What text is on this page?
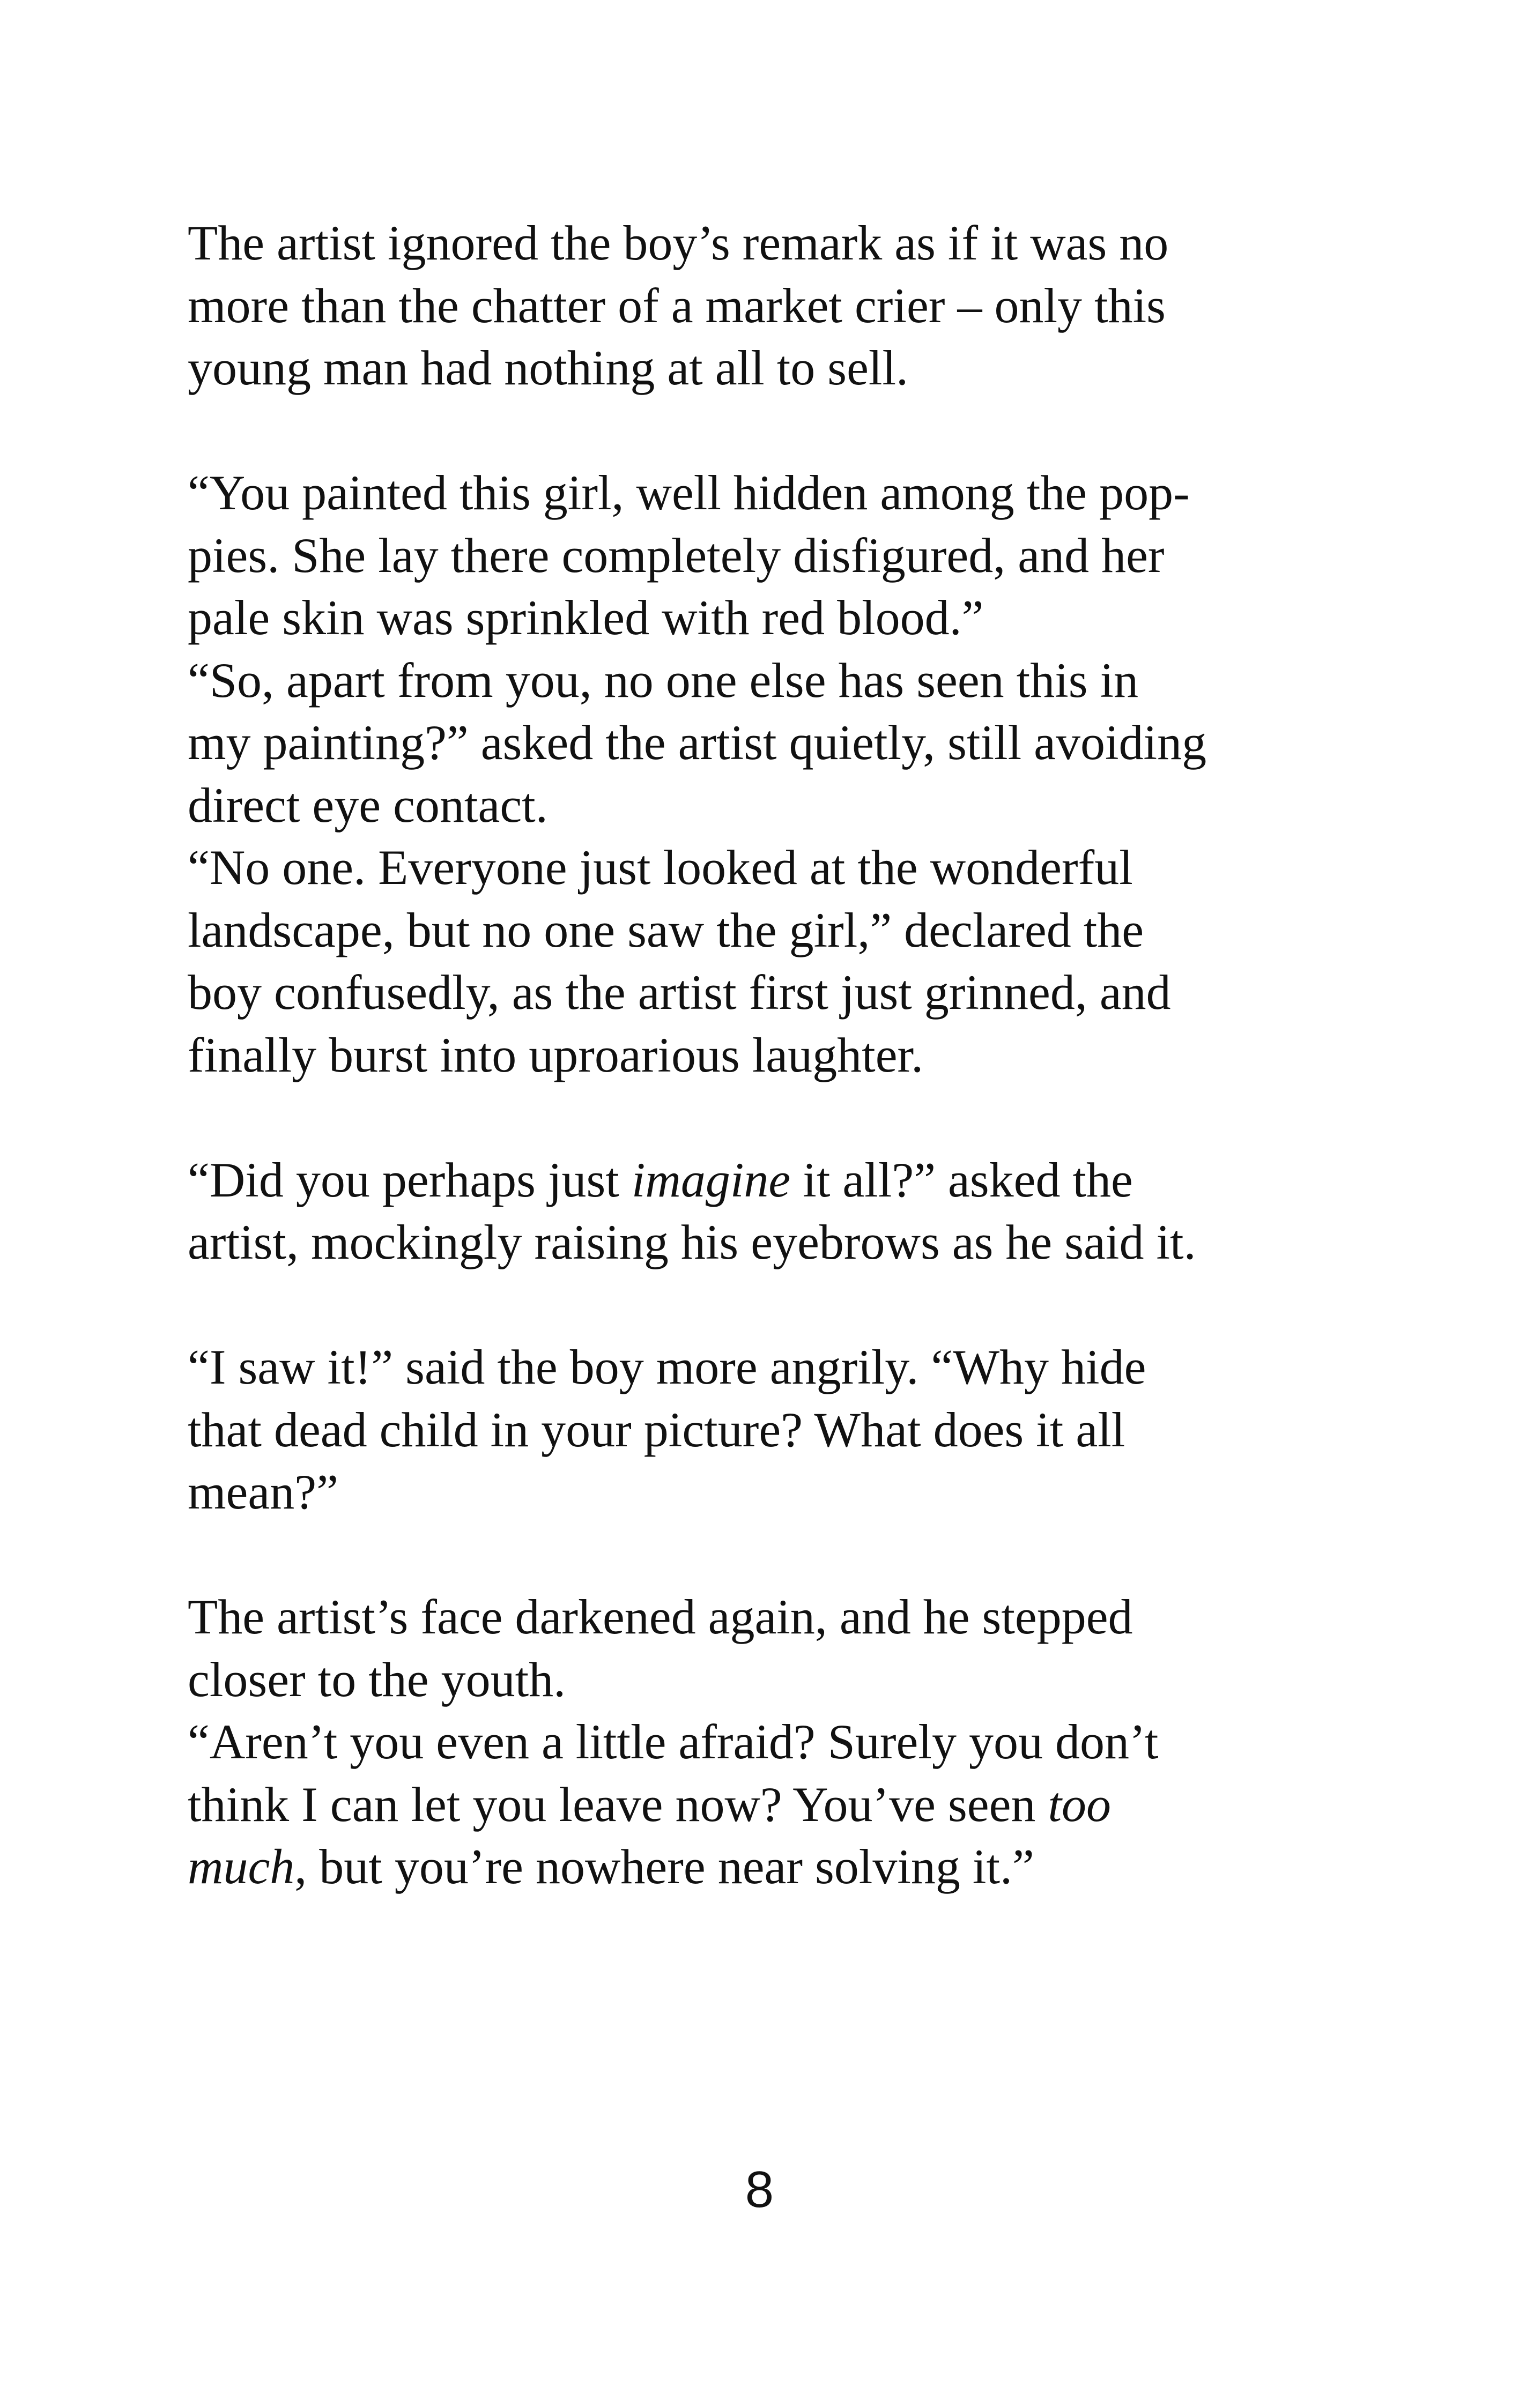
The artist ignored the boy’s remark as if it was no
more than the chatter of a market crier – only this
young man had nothing at all to sell.
“You painted this girl, well hidden among the pop-
pies. She lay there completely disfigured, and her
pale skin was sprinkled with red blood.”
“So, apart from you, no one else has seen this in
my painting?” asked the artist quietly, still avoiding
direct eye contact.
“No one. Everyone just looked at the wonderful
landscape, but no one saw the girl,” declared the
boy confusedly, as the artist first just grinned, and
finally burst into uproarious laughter.
“Did you perhaps just imagine it all?” asked the
artist, mockingly raising his eyebrows as he said it.
“I saw it!” said the boy more angrily. “Why hide
that dead child in your picture? What does it all
mean?”
The artist’s face darkened again, and he stepped
closer to the youth.
“Aren’t you even a little afraid? Surely you don’t
think I can let you leave now? You’ve seen too
much, but you’re nowhere near solving it.”
8
